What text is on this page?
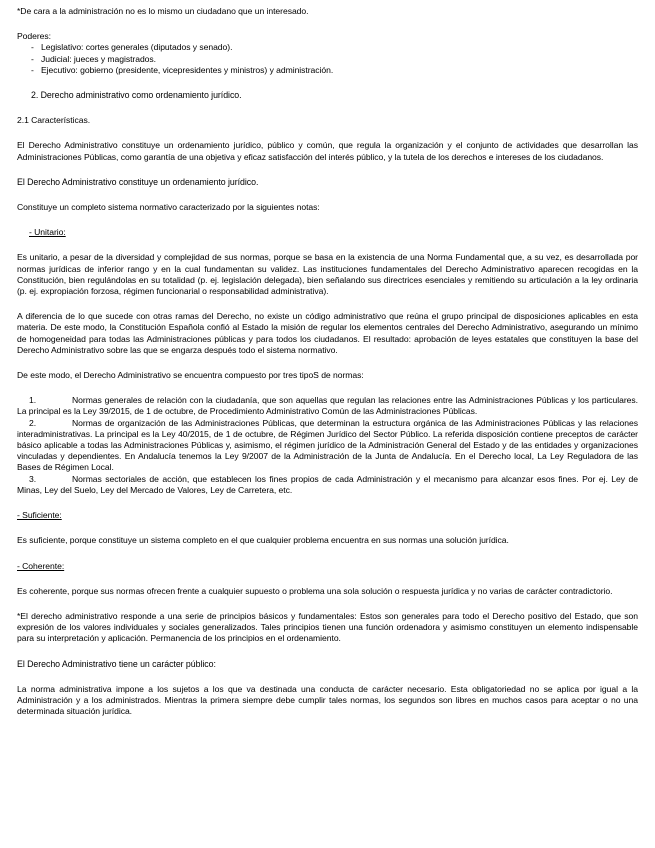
*De cara a la administración no es lo mismo un ciudadano que un interesado.

Poderes:

- Legislativo: cortes generales (diputados y senado).
- Judicial: jueces y magistrados.
- Ejecutivo: gobierno (presidente, vicepresidentes y ministros) y administración.

2. Derecho administrativo como ordenamiento jurídico.

2.1 Características.

El Derecho Administrativo constituye un ordenamiento jurídico, público y común, que regula la organización y el conjunto de actividades que desarrollan las Administraciones Públicas, como garantía de una objetiva y eficaz satisfacción del interés público, y la tutela de los derechos e intereses de los ciudadanos.

El Derecho Administrativo constituye un ordenamiento jurídico.

Constituye un completo sistema normativo caracterizado por la siguientes notas:

- Unitario:

Es unitario, a pesar de la diversidad y complejidad de sus normas, porque se basa en la existencia de una Norma Fundamental que, a su vez, es desarrollada por normas jurídicas de inferior rango y en la cual fundamentan su validez. Las instituciones fundamentales del Derecho Administrativo aparecen recogidas en la Constitución, bien regulándolas en su totalidad (p. ej. legislación delegada), bien señalando sus directrices esenciales y remitiendo su articulación a la ley ordinaria (p. ej. expropiación forzosa, régimen funcionarial o responsabilidad administrativa).

A diferencia de lo que sucede con otras ramas del Derecho, no existe un código administrativo que reúna el grupo principal de disposiciones aplicables en esta materia. De este modo, la Constitución Española confió al Estado la misión de regular los elementos centrales del Derecho Administrativo, asegurando un mínimo de homogeneidad para todas las Administraciones públicas y para todos los ciudadanos. El resultado: aprobación de leyes estatales que constituyen la base del Derecho Administrativo sobre las que se engarza después todo el sistema normativo.

De este modo, el Derecho Administrativo se encuentra compuesto por tres tipoS de normas:

1.	Normas generales de relación con la ciudadanía, que son aquellas que regulan las relaciones entre las Administraciones Públicas y los particulares. La principal es la Ley 39/2015, de 1 de octubre, de Procedimiento Administrativo Común de las Administraciones Públicas.

2.	Normas de organización de las Administraciones Públicas, que determinan la estructura orgánica de las Administraciones Públicas y las relaciones interadministrativas. La principal es la Ley 40/2015, de 1 de octubre, de Régimen Jurídico del Sector Público. La referida disposición contiene preceptos de carácter básico aplicable a todas las Administraciones Públicas y, asimismo, el régimen jurídico de la Administración General del Estado y de las entidades y organizaciones vinculadas y dependientes. En Andalucía tenemos la Ley 9/2007 de la Administración de la Junta de Andalucía. En el Derecho local, La Ley Reguladora de las Bases de Régimen Local.

3.	Normas sectoriales de acción, que establecen los fines propios de cada Administración y el mecanismo para alcanzar esos fines. Por ej. Ley de Minas, Ley del Suelo, Ley del Mercado de Valores, Ley de Carretera, etc.

- Suficiente:

Es suficiente, porque constituye un sistema completo en el que cualquier problema encuentra en sus normas una solución jurídica.

- Coherente:

Es coherente, porque sus normas ofrecen frente a cualquier supuesto o problema una sola solución o respuesta jurídica y no varias de carácter contradictorio.

*El derecho administrativo responde a una serie de principios básicos y fundamentales: Estos son generales para todo el Derecho positivo del Estado, que son expresión de los valores individuales y sociales generalizados. Tales principios tienen una función ordenadora y asimismo constituyen un elemento indispensable para su interpretación y aplicación. Permanencia de los principios en el ordenamiento.

El Derecho Administrativo tiene un carácter público:

La norma administrativa impone a los sujetos a los que va destinada una conducta de carácter necesario. Esta obligatoriedad no se aplica por igual a la Administración y a los administrados. Mientras la primera siempre debe cumplir tales normas, los segundos son libres en muchos casos para aceptar o no una determinada situación jurídica.
